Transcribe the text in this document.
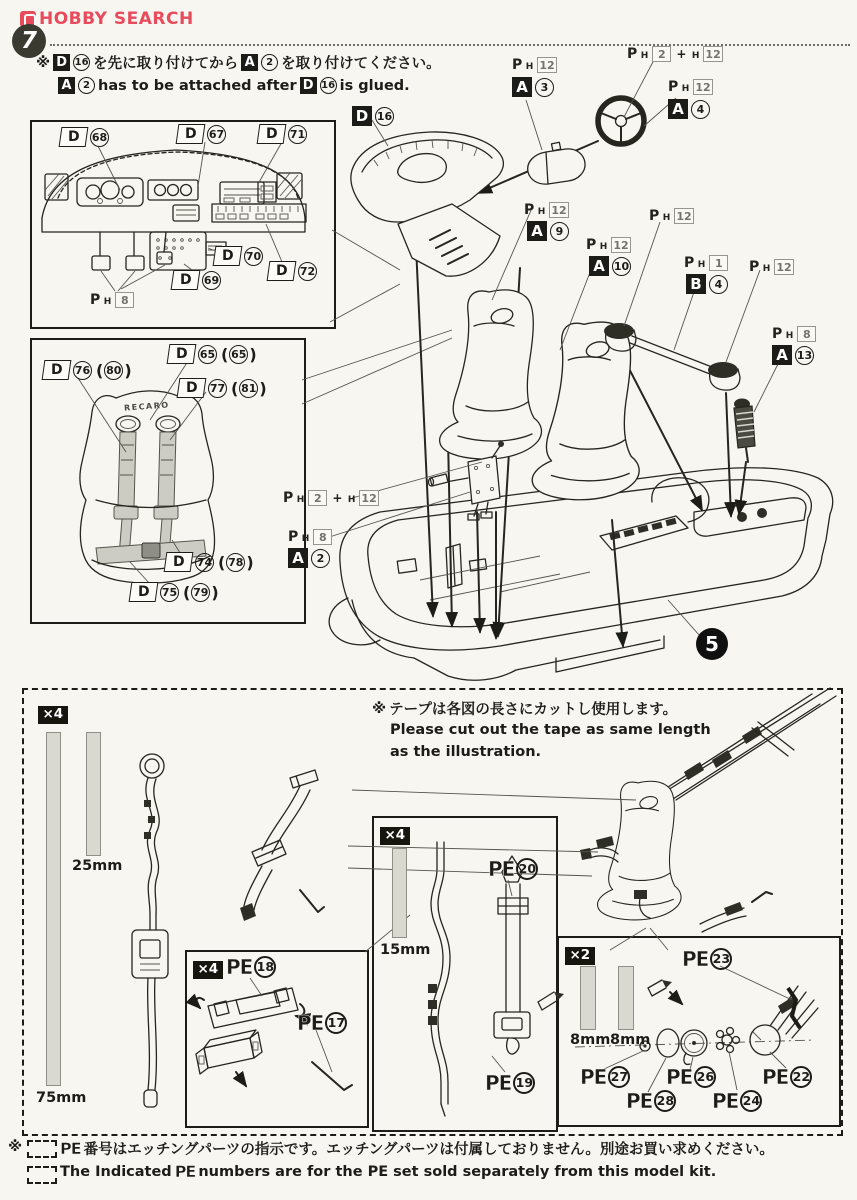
HOBBY SEARCH
7
※ D 16 を先に取り付けてから A	2 を取り付けてください。
A	2 has to be attached after D 16 is glued.
D 68	D 67	D 71
D 70
D 72
D 69
P H 8
RECARO
D 76 ( 80
)
D 65 ( 65
)
D 77 ( 81
)
D 74 ( 78
)
D 75 ( 79
)
D 16
P H 12
A	3
P H 2 + H 12
P H 12
A	4
P H 12
A	9
P H 12
A 10
P H 12
P H 1
B	4
P H 12
P H 8
A 13
P H 2 + H 12
P H 8
A	2
5
※ テープは各図の長さにカットし使用します。
Please cut out the tape as same length
as the illustration.
×4
25mm
75mm
×4 PE 18
PE 17
×4
15mm
PE 20
PE 19
×2
8mm 8mm
PE 23
PE 27
PE 28
PE 26
PE 24
PE 22
※ PE 番号はエッチングパーツの指示です。エッチングパーツは付属しておりません。別途お買い求めください。
The Indicated PE numbers are for the PE set sold separately from this model kit.
